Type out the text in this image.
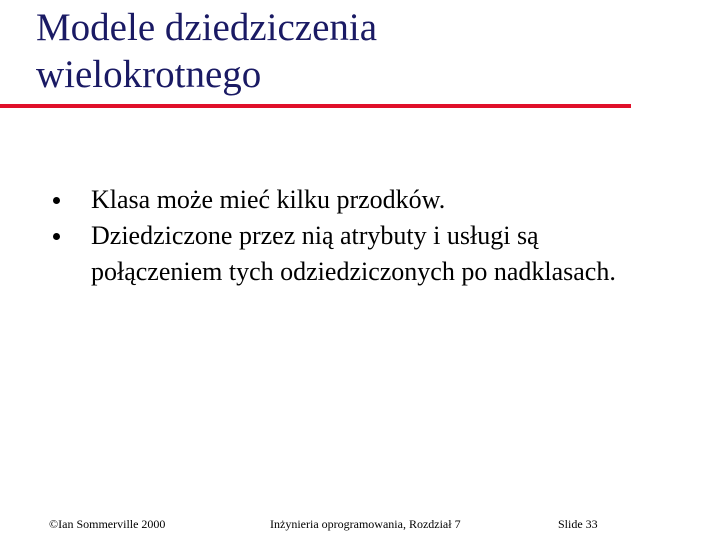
Modele dziedziczenia
wielokrotnego
Klasa może mieć kilku przodków.
Dziedziczone przez nią atrybuty i usługi są połączeniem tych odziedziczonych po nadklasach.
©Ian Sommerville 2000	Inżynieria oprogramowania, Rozdział 7	Slide 33
